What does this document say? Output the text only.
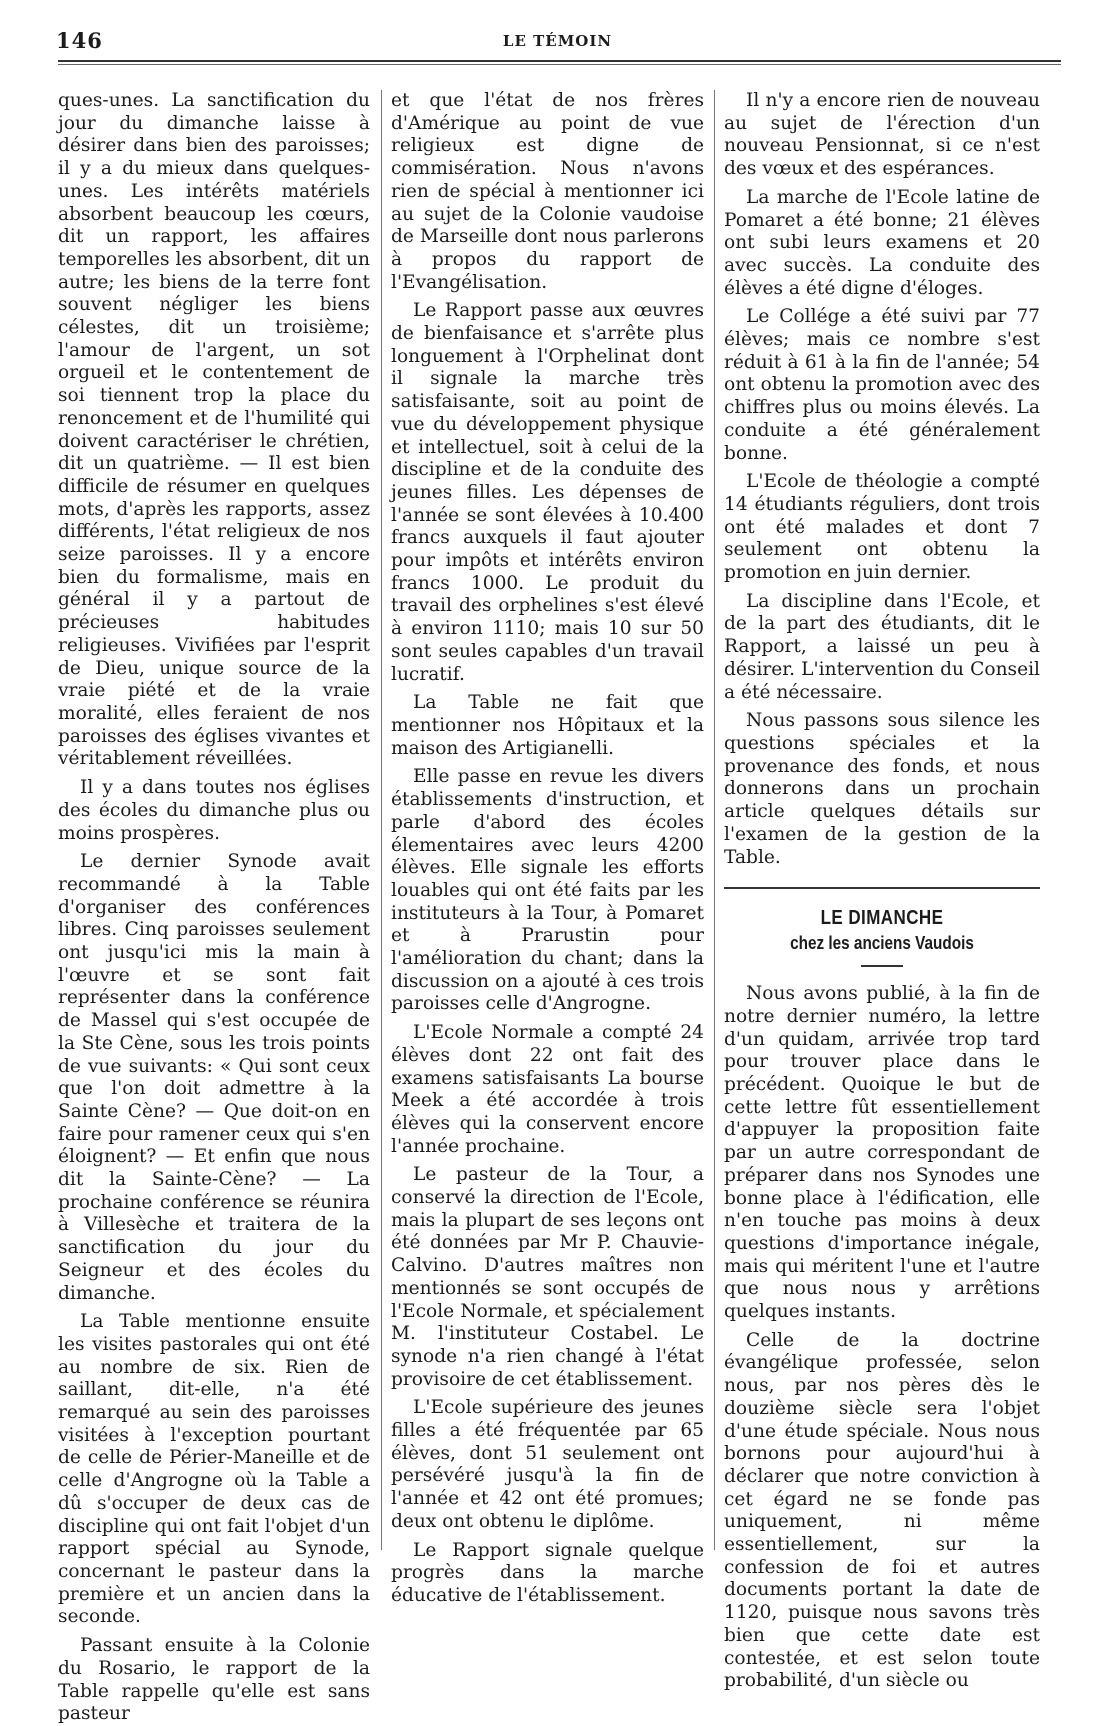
146	LE TÉMOIN

ques-unes. La sanctification du jour du dimanche laisse à désirer dans bien des paroisses; il y a du mieux dans quelques-unes. Les intérêts matériels absorbent beaucoup les cœurs, dit un rapport, les affaires temporelles les absorbent, dit un autre; les biens de la terre font souvent négliger les biens célestes, dit un troisième; l'amour de l'argent, un sot orgueil et le contentement de soi tiennent trop la place du renoncement et de l'humilité qui doivent caractériser le chrétien, dit un quatrième. — Il est bien difficile de résumer en quelques mots, d'après les rapports, assez différents, l'état religieux de nos seize paroisses. Il y a encore bien du formalisme, mais en général il y a partout de précieuses habitudes religieuses. Vivifiées par l'esprit de Dieu, unique source de la vraie piété et de la vraie moralité, elles feraient de nos paroisses des églises vivantes et véritablement réveillées.

Il y a dans toutes nos églises des écoles du dimanche plus ou moins prospères.

Le dernier Synode avait recommandé à la Table d'organiser des conférences libres. Cinq paroisses seulement ont jusqu'ici mis la main à l'œuvre et se sont fait représenter dans la conférence de Massel qui s'est occupée de la Ste Cène, sous les trois points de vue suivants: « Qui sont ceux que l'on doit admettre à la Sainte Cène? — Que doit-on en faire pour ramener ceux qui s'en éloignent? — Et enfin que nous dit la Sainte-Cène? — La prochaine conférence se réunira à Villesèche et traitera de la sanctification du jour du Seigneur et des écoles du dimanche.

La Table mentionne ensuite les visites pastorales qui ont été au nombre de six. Rien de saillant, dit-elle, n'a été remarqué au sein des paroisses visitées à l'exception pourtant de celle de Périer-Maneille et de celle d'Angrogne où la Table a dû s'occuper de deux cas de discipline qui ont fait l'objet d'un rapport spécial au Synode, concernant le pasteur dans la première et un ancien dans la seconde.

Passant ensuite à la Colonie du Rosario, le rapport de la Table rappelle qu'elle est sans pasteur

et que l'état de nos frères d'Amérique au point de vue religieux est digne de commisération. Nous n'avons rien de spécial à mentionner ici au sujet de la Colonie vaudoise de Marseille dont nous parlerons à propos du rapport de l'Evangélisation.

Le Rapport passe aux œuvres de bienfaisance et s'arrête plus longuement à l'Orphelinat dont il signale la marche très satisfaisante, soit au point de vue du développement physique et intellectuel, soit à celui de la discipline et de la conduite des jeunes filles. Les dépenses de l'année se sont élevées à 10.400 francs auxquels il faut ajouter pour impôts et intérêts environ francs 1000. Le produit du travail des orphelines s'est élevé à environ 1110; mais 10 sur 50 sont seules capables d'un travail lucratif.

La Table ne fait que mentionner nos Hôpitaux et la maison des Artigianelli.

Elle passe en revue les divers établissements d'instruction, et parle d'abord des écoles élementaires avec leurs 4200 élèves. Elle signale les efforts louables qui ont été faits par les instituteurs à la Tour, à Pomaret et à Prarustin pour l'amélioration du chant; dans la discussion on a ajouté à ces trois paroisses celle d'Angrogne.

L'Ecole Normale a compté 24 élèves dont 22 ont fait des examens satisfaisants La bourse Meek a été accordée à trois élèves qui la conservent encore l'année prochaine.

Le pasteur de la Tour, a conservé la direction de l'Ecole, mais la plupart de ses leçons ont été données par Mr P. Chauvie-Calvino. D'autres maîtres non mentionnés se sont occupés de l'Ecole Normale, et spécialement M. l'instituteur Costabel. Le synode n'a rien changé à l'état provisoire de cet établissement.

L'Ecole supérieure des jeunes filles a été fréquentée par 65 élèves, dont 51 seulement ont persévéré jusqu'à la fin de l'année et 42 ont été promues; deux ont obtenu le diplôme.

Le Rapport signale quelque progrès dans la marche éducative de l'établissement.

Il n'y a encore rien de nouveau au sujet de l'érection d'un nouveau Pensionnat, si ce n'est des vœux et des espérances.

La marche de l'Ecole latine de Pomaret a été bonne; 21 élèves ont subi leurs examens et 20 avec succès. La conduite des élèves a été digne d'éloges.

Le Collége a été suivi par 77 élèves; mais ce nombre s'est réduit à 61 à la fin de l'année; 54 ont obtenu la promotion avec des chiffres plus ou moins élevés. La conduite a été généralement bonne.

L'Ecole de théologie a compté 14 étudiants réguliers, dont trois ont été malades et dont 7 seulement ont obtenu la promotion en juin dernier.

La discipline dans l'Ecole, et de la part des étudiants, dit le Rapport, a laissé un peu à désirer. L'intervention du Conseil a été nécessaire.

Nous passons sous silence les questions spéciales et la provenance des fonds, et nous donnerons dans un prochain article quelques détails sur l'examen de la gestion de la Table.

LE DIMANCHE
chez les anciens Vaudois

Nous avons publié, à la fin de notre dernier numéro, la lettre d'un quidam, arrivée trop tard pour trouver place dans le précédent. Quoique le but de cette lettre fût essentiellement d'appuyer la proposition faite par un autre correspondant de préparer dans nos Synodes une bonne place à l'édification, elle n'en touche pas moins à deux questions d'importance inégale, mais qui méritent l'une et l'autre que nous nous y arrêtions quelques instants.

Celle de la doctrine évangélique professée, selon nous, par nos pères dès le douzième siècle sera l'objet d'une étude spéciale. Nous nous bornons pour aujourd'hui à déclarer que notre conviction à cet égard ne se fonde pas uniquement, ni même essentiellement, sur la confession de foi et autres documents portant la date de 1120, puisque nous savons très bien que cette date est contestée, et est selon toute probabilité, d'un siècle ou
